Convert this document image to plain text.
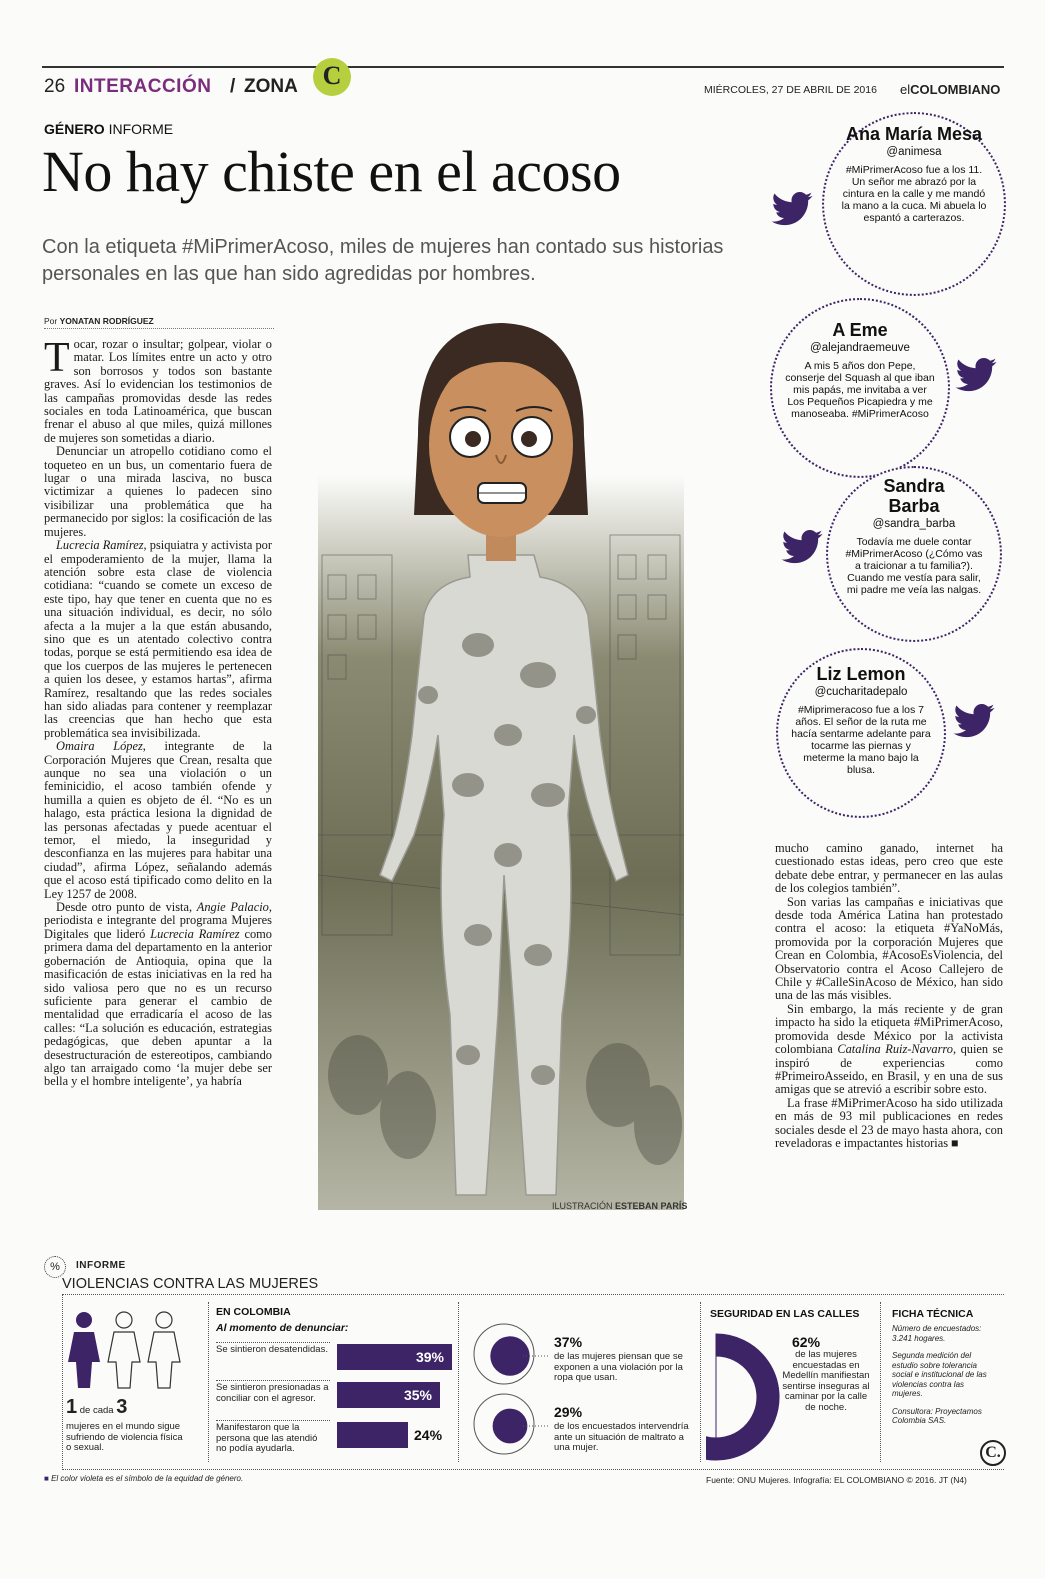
26 INTERACCIÓN / ZONA C	MIÉRCOLES, 27 DE ABRIL DE 2016 elCOLOMBIANO
GÉNERO INFORME
No hay chiste en el acoso
Con la etiqueta #MiPrimerAcoso, miles de mujeres han contado sus historias personales en las que han sido agredidas por hombres.
Por YONATAN RODRÍGUEZ

Tocar, rozar o insultar; golpear, violar o matar. Los límites entre un acto y otro son borrosos y todos son bastante graves. Así lo evidencian los testimonios de las campañas promovidas desde las redes sociales en toda Latinoamérica, que buscan frenar el abuso al que miles, quizá millones de mujeres son sometidas a diario.

Denunciar un atropello cotidiano como el toqueteo en un bus, un comentario fuera de lugar o una mirada lasciva, no busca victimizar a quienes lo padecen sino visibilizar una problemática que ha permanecido por siglos: la cosificación de las mujeres.

Lucrecia Ramírez, psiquiatra y activista por el empoderamiento de la mujer, llama la atención sobre esta clase de violencia cotidiana: “cuando se comete un exceso de este tipo, hay que tener en cuenta que no es una situación individual, es decir, no sólo afecta a la mujer a la que están abusando, sino que es un atentado colectivo contra todas, porque se está permitiendo esa idea de que los cuerpos de las mujeres le pertenecen a quien los desee, y estamos hartas”, afirma Ramírez, resaltando que las redes sociales han sido aliadas para contener y reemplazar las creencias que han hecho que esta problemática sea invisibilizada.

Omaira López, integrante de la Corporación Mujeres que Crean, resalta que aunque no sea una violación o un feminicidio, el acoso también ofende y humilla a quien es objeto de él. “No es un halago, esta práctica lesiona la dignidad de las personas afectadas y puede acentuar el temor, el miedo, la inseguridad y desconfianza en las mujeres para habitar una ciudad”, afirma López, señalando además que el acoso está tipificado como delito en la Ley 1257 de 2008.

Desde otro punto de vista, Angie Palacio, periodista e integrante del programa Mujeres Digitales que lideró Lucrecia Ramírez como primera dama del departamento en la anterior gobernación de Antioquia, opina que la masificación de estas iniciativas en la red ha sido valiosa pero que no es un recurso suficiente para generar el cambio de mentalidad que erradicaría el acoso de las calles: “La solución es educación, estrategias pedagógicas, que deben apuntar a la desestructuración de estereotipos, cambiando algo tan arraigado como ‘la mujer debe ser bella y el hombre inteligente’, ya habría

ILUSTRACIÓN ESTEBAN PARÍS
Ana María Mesa
@animesa
#MiPrimerAcoso fue a los 11. Un señor me abrazó por la cintura en la calle y me mandó la mano a la cuca. Mi abuela lo espantó a carterazos.
A Eme
@alejandraemeuve
A mis 5 años don Pepe, conserje del Squash al que iban mis papás, me invitaba a ver Los Pequeños Picapiedra y me manoseaba. #MiPrimerAcoso
Sandra Barba
@sandra_barba
Todavía me duele contar #MiPrimerAcoso (¿Cómo vas a traicionar a tu familia?). Cuando me vestía para salir, mi padre me veía las nalgas.
Liz Lemon
@cucharitadepalo
#Miprimeracoso fue a los 7 años. El señor de la ruta me hacía sentarme adelante para tocarme las piernas y meterme la mano bajo la blusa.

mucho camino ganado, internet ha cuestionado estas ideas, pero creo que este debate debe entrar, y permanecer en las aulas de los colegios también”.

Son varias las campañas e iniciativas que desde toda América Latina han protestado contra el acoso: la etiqueta #YaNoMás, promovida por la corporación Mujeres que Crean en Colombia, #AcosoEsViolencia, del Observatorio contra el Acoso Callejero de Chile y #CalleSinAcoso de México, han sido una de las más visibles.

Sin embargo, la más reciente y de gran impacto ha sido la etiqueta #MiPrimerAcoso, promovida desde México por la activista colombiana Catalina Ruiz-Navarro, quien se inspiró de experiencias como #PrimeiroAsseido, en Brasil, y en una de sus amigas que se atrevió a escribir sobre esto.

La frase #MiPrimerAcoso ha sido utilizada en más de 93 mil publicaciones en redes sociales desde el 23 de mayo hasta ahora, con reveladoras e impactantes historias ■

%	INFORME
VIOLENCIAS CONTRA LAS MUJERES
1 de cada 3
mujeres en el mundo sigue sufriendo de violencia física o sexual.
EN COLOMBIA
Al momento de denunciar:
Se sintieron desatendidas.	39%
Se sintieron presionadas a conciliar con el agresor.	35%
Manifestaron que la persona que las atendió no podía ayudarla.
24%
37%
de las mujeres piensan que se exponen a una violación por la ropa que usan.
29%
de los encuestados intervendría ante un situación de maltrato a una mujer.
SEGURIDAD EN LAS CALLES
62%
de las mujeres encuestadas en Medellín manifiestan sentirse inseguras al caminar por la calle de noche.
FICHA TÉCNICA
Número de encuestados: 3.241 hogares.
Segunda medición del estudio sobre tolerancia social e institucional de las violencias contra las mujeres.
Consultora: Proyectamos Colombia SAS.
■ El color violeta es el símbolo de la equidad de género.	Fuente: ONU Mujeres. Infografía: EL COLOMBIANO © 2016. JT (N4)
C.
